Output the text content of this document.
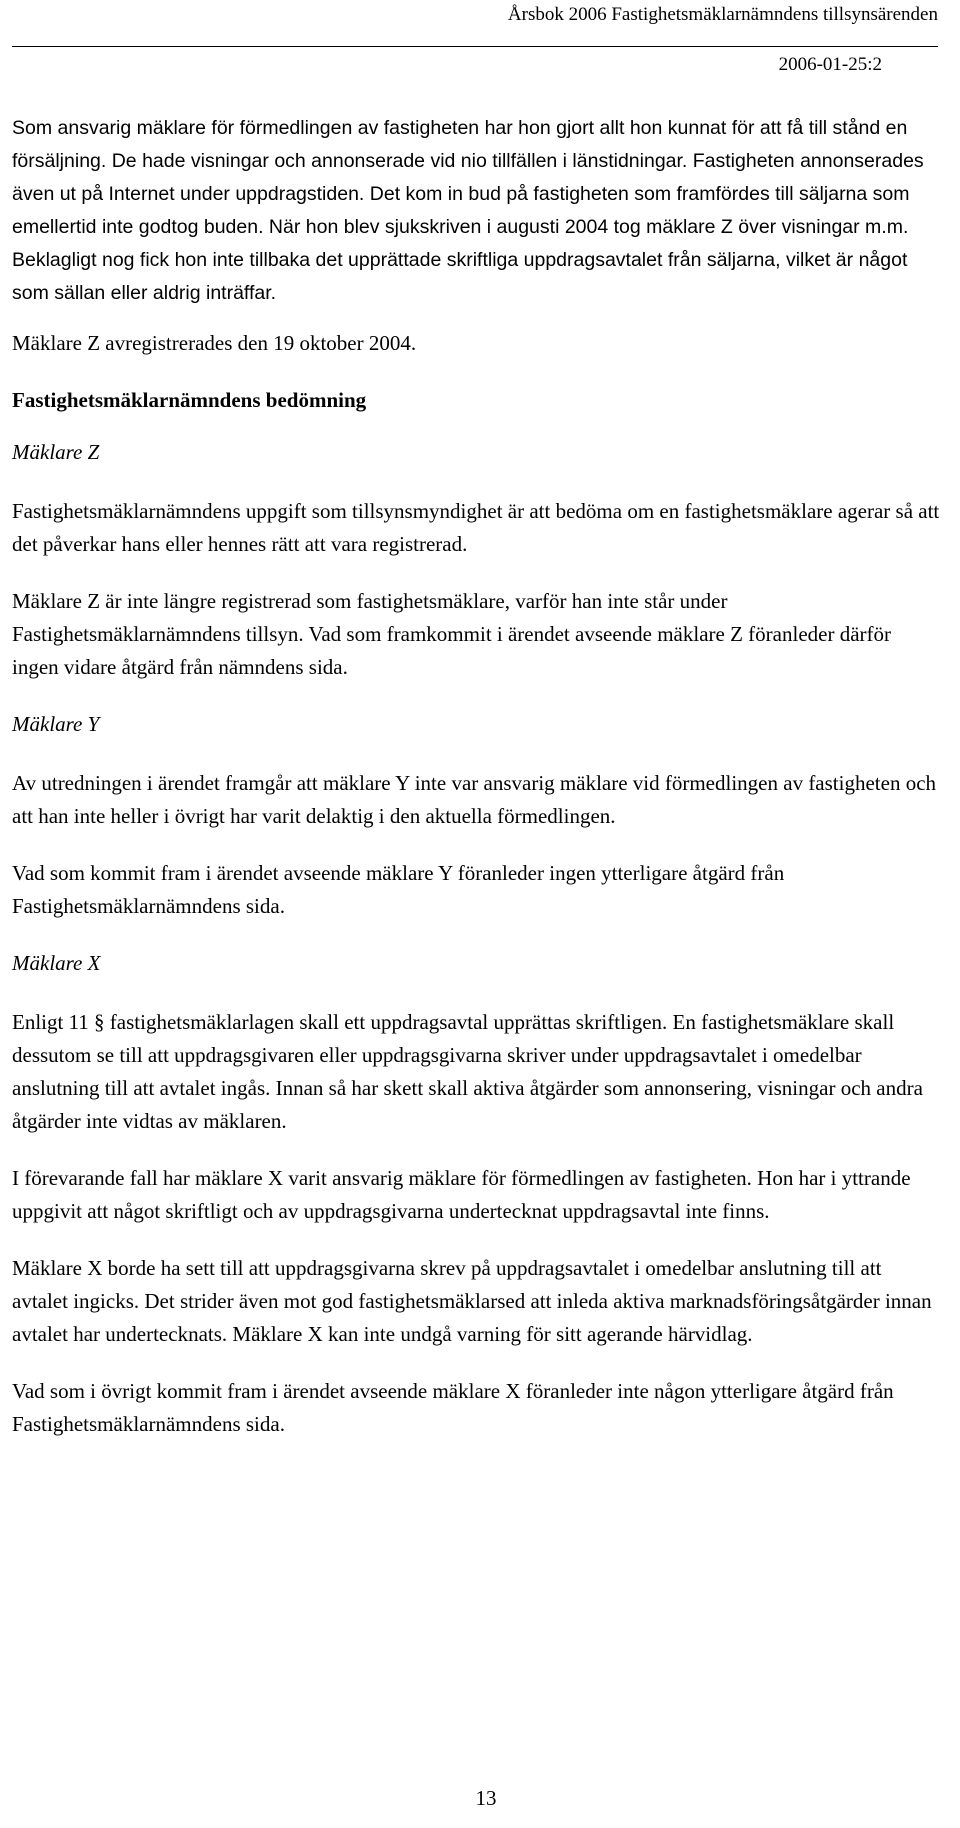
Årsbok 2006 Fastighetsmäklarnämndens tillsynsärenden
2006-01-25:2

Som ansvarig mäklare för förmedlingen av fastigheten har hon gjort allt hon kunnat för att få till stånd en försäljning. De hade visningar och annonserade vid nio tillfällen i länstidningar. Fastigheten annonserades även ut på Internet under uppdragstiden. Det kom in bud på fastigheten som framfördes till säljarna som emellertid inte godtog buden. När hon blev sjukskriven i augusti 2004 tog mäklare Z över visningar m.m. Beklagligt nog fick hon inte tillbaka det upprättade skriftliga uppdragsavtalet från säljarna, vilket är något som sällan eller aldrig inträffar.

Mäklare Z avregistrerades den 19 oktober 2004.

Fastighetsmäklarnämndens bedömning
Mäklare Z

Fastighetsmäklarnämndens uppgift som tillsynsmyndighet är att bedöma om en fastighetsmäklare agerar så att det påverkar hans eller hennes rätt att vara registrerad.

Mäklare Z är inte längre registrerad som fastighetsmäklare, varför han inte står under Fastighetsmäklarnämndens tillsyn. Vad som framkommit i ärendet avseende mäklare Z föranleder därför ingen vidare åtgärd från nämndens sida.

Mäklare Y

Av utredningen i ärendet framgår att mäklare Y inte var ansvarig mäklare vid förmedlingen av fastigheten och att han inte heller i övrigt har varit delaktig i den aktuella förmedlingen.

Vad som kommit fram i ärendet avseende mäklare Y föranleder ingen ytterligare åtgärd från Fastighetsmäklarnämndens sida.

Mäklare X

Enligt 11 § fastighetsmäklarlagen skall ett uppdragsavtal upprättas skriftligen. En fastighetsmäklare skall dessutom se till att uppdragsgivaren eller uppdragsgivarna skriver under uppdragsavtalet i omedelbar anslutning till att avtalet ingås. Innan så har skett skall aktiva åtgärder som annonsering, visningar och andra åtgärder inte vidtas av mäklaren.

I förevarande fall har mäklare X varit ansvarig mäklare för förmedlingen av fastigheten. Hon har i yttrande uppgivit att något skriftligt och av uppdragsgivarna undertecknat uppdragsavtal inte finns.

Mäklare X borde ha sett till att uppdragsgivarna skrev på uppdragsavtalet i omedelbar anslutning till att avtalet ingicks. Det strider även mot god fastighetsmäklarsed att inleda aktiva marknadsföringsåtgärder innan avtalet har undertecknats. Mäklare X kan inte undgå varning för sitt agerande härvidlag.

Vad som i övrigt kommit fram i ärendet avseende mäklare X föranleder inte någon ytterligare åtgärd från Fastighetsmäklarnämndens sida.

13
